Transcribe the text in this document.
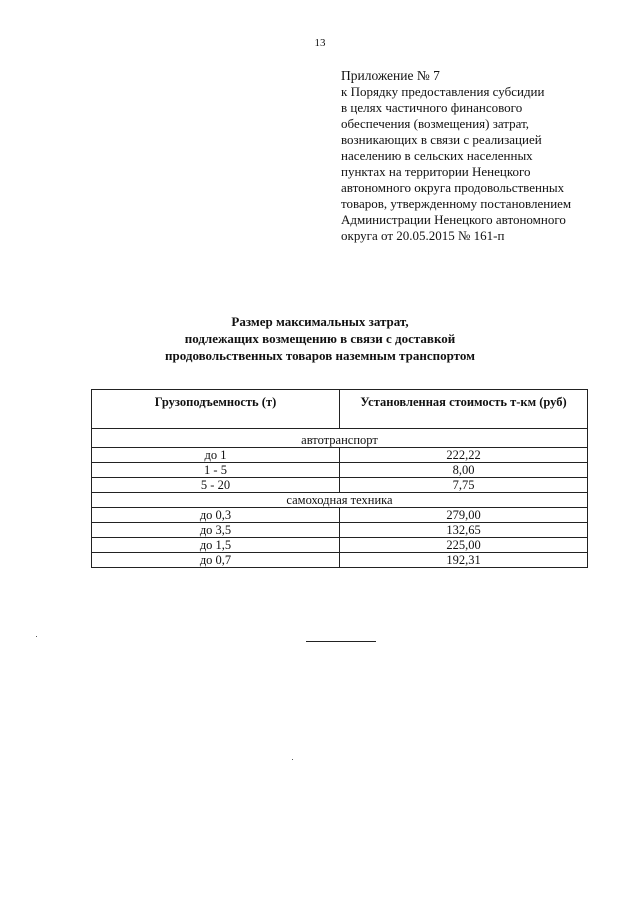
13
Приложение № 7
к Порядку предоставления субсидии
в целях частичного финансового
обеспечения (возмещения) затрат,
возникающих в связи с реализацией
населению в сельских населенных
пунктах на территории Ненецкого
автономного округа продовольственных
товаров, утвержденному постановлением
Администрации Ненецкого автономного
округа от 20.05.2015 № 161-п
Размер максимальных затрат,
подлежащих возмещению в связи с доставкой
продовольственных товаров наземным транспортом
Грузоподъемность (т)	Установленная стоимость т-км (руб)

автотранспорт	
до 1	222,22
1 - 5	8,00
5 - 20	7,75
самоходная техника	
до 0,3	279,00
до 3,5	132,65
до 1,5	225,00
до 0,7	192,31
